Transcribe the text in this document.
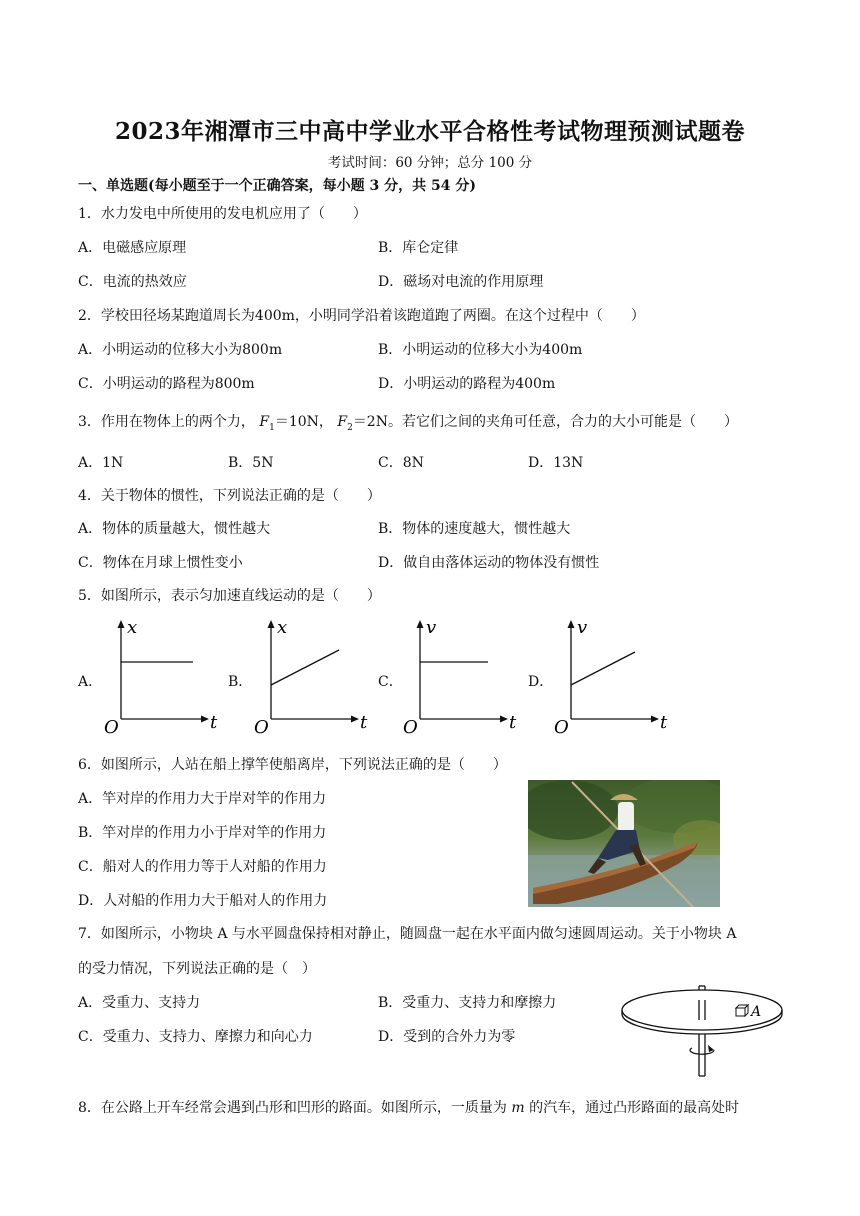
2023年湘潭市三中高中学业水平合格性考试物理预测试题卷
考试时间：60 分钟；总分 100 分
一、单选题(每小题至于一个正确答案，每小题 3 分，共 54 分)
1．水力发电中所使用的发电机应用了（　　）
A．电磁感应原理	B．库仑定律
C．电流的热效应	D．磁场对电流的作用原理
2．学校田径场某跑道周长为400m，小明同学沿着该跑道跑了两圈。在这个过程中（　　）
A．小明运动的位移大小为800m	B．小明运动的位移大小为400m
C．小明运动的路程为800m	D．小明运动的路程为400m
3．作用在物体上的两个力， $F_1=10N$， $F_2=2N$。若它们之间的夹角可任意，合力的大小可能是（　　）
A．1N	B．5N	C．8N	D．13N
4．关于物体的惯性，下列说法正确的是（　　）
A．物体的质量越大，惯性越大	B．物体的速度越大，惯性越大
C．物体在月球上惯性变小	D．做自由落体运动的物体没有惯性
5．如图所示，表示匀加速直线运动的是（　　）
A．	B．	C．	D．
x
t
O
x
t
O
v
t
O
v
t
O
6．如图所示，人站在船上撑竿使船离岸，下列说法正确的是（　　）
A．竿对岸的作用力大于岸对竿的作用力
B．竿对岸的作用力小于岸对竿的作用力
C．船对人的作用力等于人对船的作用力
D．人对船的作用力大于船对人的作用力
7．如图所示，小物块 A 与水平圆盘保持相对静止，随圆盘一起在水平面内做匀速圆周运动。关于小物块 A
的受力情况，下列说法正确的是（　）
A．受重力、支持力	B．受重力、支持力和摩擦力
C．受重力、支持力、摩擦力和向心力	D．受到的合外力为零
A
8．在公路上开车经常会遇到凸形和凹形的路面。如图所示，一质量为 m 的汽车，通过凸形路面的最高处时
